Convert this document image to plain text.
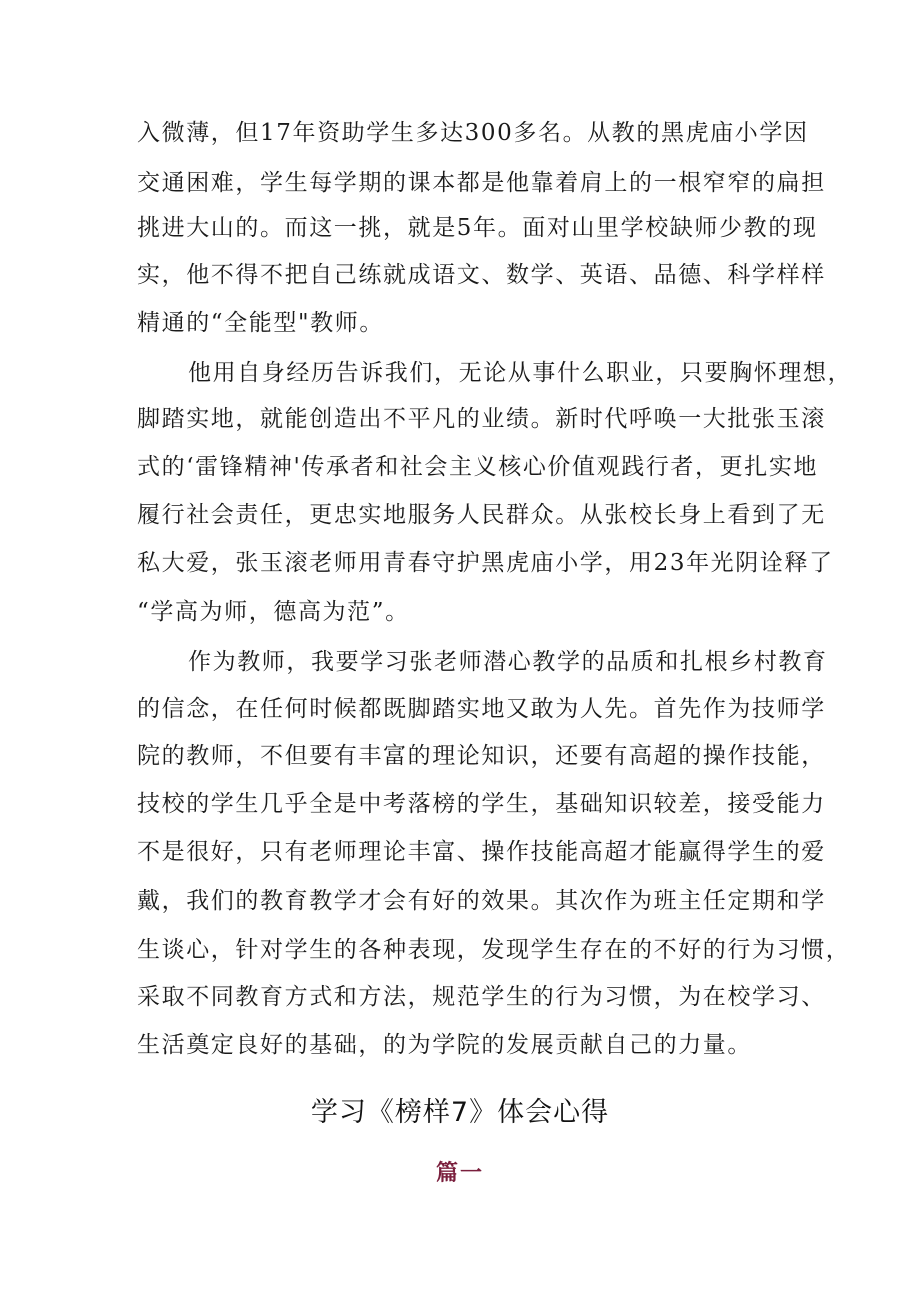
入微薄，但17年资助学生多达300多名。从教的黑虎庙小学因
交通困难，学生每学期的课本都是他靠着肩上的一根窄窄的扁担
挑进大山的。而这一挑，就是5年。面对山里学校缺师少教的现
实，他不得不把自己练就成语文、数学、英语、品德、科学样样
精通的“全能型"教师。
他用自身经历告诉我们，无论从事什么职业，只要胸怀理想，
脚踏实地，就能创造出不平凡的业绩。新时代呼唤一大批张玉滚
式的‘雷锋精神'传承者和社会主义核心价值观践行者，更扎实地
履行社会责任，更忠实地服务人民群众。从张校长身上看到了无
私大爱，张玉滚老师用青春守护黑虎庙小学，用23年光阴诠释了
“学高为师，德高为范”。
作为教师，我要学习张老师潜心教学的品质和扎根乡村教育
的信念，在任何时候都既脚踏实地又敢为人先。首先作为技师学
院的教师，不但要有丰富的理论知识，还要有高超的操作技能，
技校的学生几乎全是中考落榜的学生，基础知识较差，接受能力
不是很好，只有老师理论丰富、操作技能高超才能赢得学生的爱
戴，我们的教育教学才会有好的效果。其次作为班主任定期和学
生谈心，针对学生的各种表现，发现学生存在的不好的行为习惯，
采取不同教育方式和方法，规范学生的行为习惯，为在校学习、
生活奠定良好的基础，的为学院的发展贡献自己的力量。
学习《榜样7》体会心得
篇一
